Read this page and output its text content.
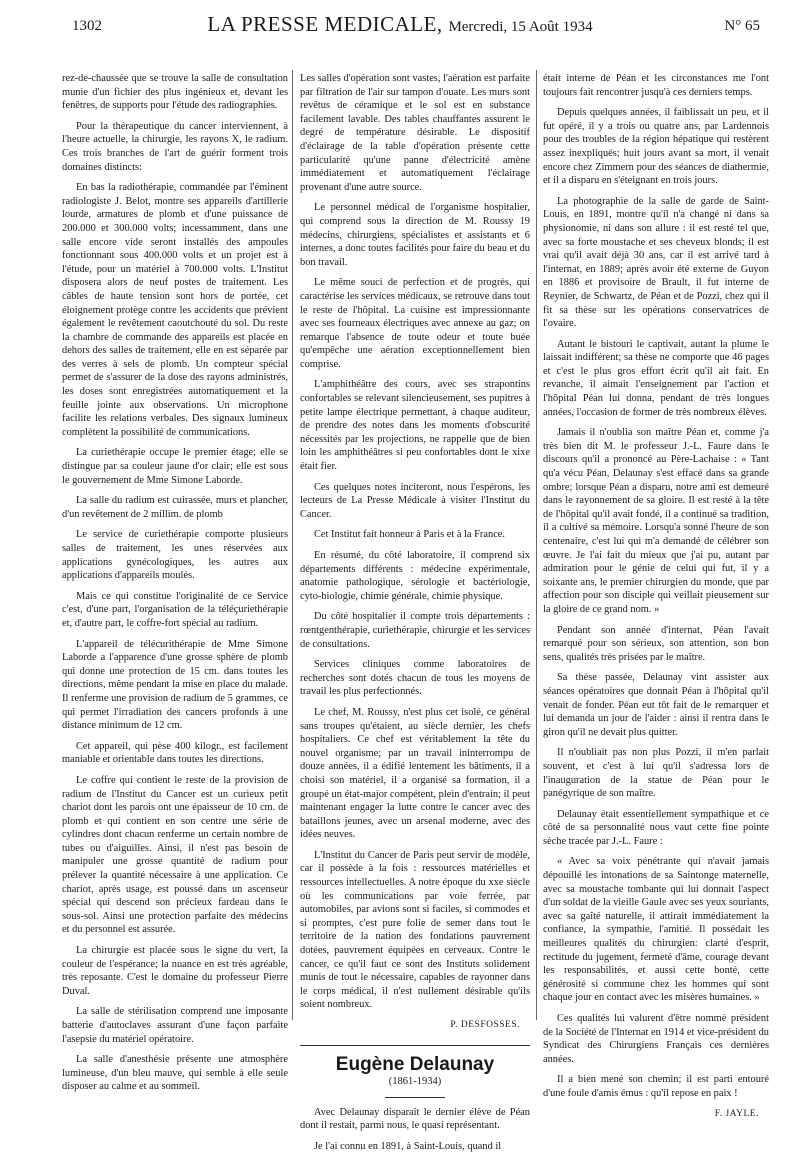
1302	LA PRESSE MEDICALE, Mercredi, 15 Août 1934	N° 65

rez-de-chaussée que se trouve la salle de consultation munie d'un fichier des plus ingénieux et, devant les fenêtres, de supports pour l'étude des radiographies.

Pour la thérapeutique du cancer interviennent, à l'heure actuelle, la chirurgie, les rayons X, le radium. Ces trois branches de l'art de guérir forment trois domaines distincts:

En bas la radiothérapie, commandée par l'éminent radiologiste J. Belot, montre ses appareils d'artillerie lourde, armatures de plomb et d'une puissance de 200.000 et 300.000 volts; incessamment, dans une salle encore vide seront installés des ampoules fonctionnant sous 400.000 volts et un projet est à l'étude, pour un matériel à 700.000 volts. L'Institut disposera alors de neuf postes de traitement. Les câbles de haute tension sont hors de portée, cet éloignement protège contre les accidents que prévient également le revêtement caoutchouté du sol. Du reste la chambre de commande des appareils est placée en dehors des salles de traitement, elle en est séparée par des verres à sels de plomb. Un compteur spécial permet de s'assurer de la dose des rayons administrés, les doses sont enregistrées automatiquement et la feuille jointe aux observations. Un microphone facilite les relations verbales. Des signaux lumineux complètent la possibilité de communications.

La curiethérapie occupe le premier étage; elle se distingue par sa couleur jaune d'or clair; elle est sous le gouvernement de Mme Simone Laborde.

La salle du radium est cuirassée, murs et plancher, d'un revêtement de 2 millim. de plomb

Le service de curiethérapie comporte plusieurs salles de traitement, les unes réservées aux applications gynécologiques, les autres aux applications d'appareils moulés.

Mais ce qui constitue l'originalité de ce Service c'est, d'une part, l'organisation de la téléçuriethérapie et, d'autre part, le coffre-fort spécial au radium.

L'appareil de télécurithérapie de Mme Simone Laborde a l'apparence d'une grosse sphère de plomb qui donne une protection de 15 cm. dans toutes les directions, même pendant la mise en place du malade. Il renferme une provision de radium de 5 grammes, ce qui permet l'irradiation des cancers profonds à une distance minimum de 12 cm.

Cet appareil, qui pèse 400 kilogr., est facilement maniable et orientable dans toutes les directions.

Le coffre qui contient le reste de la provision de radium de l'Institut du Cancer est un curieux petit chariot dont les parois ont une épaisseur de 10 cm. de plomb et qui contient en son centre une série de cylindres dont chacun renferme un certain nombre de tubes ou d'aiguilles. Ainsi, il n'est pas besoin de manipuler une grosse quantité de radium pour prélever la quantité nécessaire à une application. Ce chariot, après usage, est poussé dans un ascenseur spécial qui descend son précieux fardeau dans le sous-sol. Ainsi une protection parfaite des médecins et du personnel est assurée.

La chirurgie est placée sous le signe du vert, la couleur de l'espérance; la nuance en est très agréable, très reposante. C'est le domaine du professeur Pierre Duval.

La salle de stérilisation comprend une imposante batterie d'autoclaves assurant d'une façon parfaite l'asepsie du matériel opératoire.

La salle d'anesthésie présente une atmosphère lumineuse, d'un bleu mauve, qui semble à elle seule disposer au calme et au sommeil.

Les salles d'opération sont vastes, l'aération est parfaite par filtration de l'air sur tampon d'ouate. Les murs sont revêtus de céramique et le sol est en substance facilement lavable. Des tables chauffantes assurent le degré de température désirable. Le dispositif d'éclairage de la table d'opération présente cette particularité qu'une panne d'électricité amène immédiatement et automatiquement l'éclairage provenant d'une autre source.

Le personnel médical de l'organisme hospitalier, qui comprend sous la direction de M. Roussy 19 médecins, chirurgiens, spécialistes et assistants et 6 internes, a donc toutes facilités pour faire du beau et du bon travail.

Le même souci de perfection et de progrès, qui caractérise les services médicaux, se retrouve dans tout le reste de l'hôpital. La cuisine est impressionnante avec ses fourneaux électriques avec annexe au gaz; on remarque l'absence de toute odeur et toute buée qu'empêche une aération exceptionnellement bien comprise.

L'amphithéâtre des cours, avec ses strapontins confortables se relevant silencieusement, ses pupitres à petite lampe électrique permettant, à chaque auditeur, de prendre des notes dans les moments d'obscurité nécessités par les projections, ne rappelle que de bien loin les amphithéâtres si peu confortables dont le xixe était fier.

Ces quelques notes inciteront, nous l'espérons, les lecteurs de La Presse Médicale à visiter l'Institut du Cancer.

Cet Institut fait honneur à Paris et à la France.

En résumé, du côté laboratoire, il comprend six départements différents : médecine expérimentale, anatomie pathologique, sérologie et bactériologie, cyto-biologie, chimie générale, chimie physique.

Du côté hospitalier il compte trois départements : rœntgenthérapie, curiethérapie, chirurgie et les services de consultations.

Services cliniques comme laboratoires de recherches sont dotés chacun de tous les moyens de travail les plus perfectionnés.

Le chef, M. Roussy, n'est plus cet isolé, ce général sans troupes qu'étaient, au siècle dernier, les chefs hospitaliers. Ce chef est véritablement la tête du nouvel organisme; par un travail ininterrompu de douze années, il a édifié lentement les bâtiments, il a choisi son matériel, il a organisé sa formation, il a groupé un état-major compétent, plein d'entrain; il peut maintenant engager la lutte contre le cancer avec des bataillons jeunes, avec un arsenal moderne, avec des idées neuves.

L'Institut du Cancer de Paris peut servir de modèle, car il possède à la fois : ressources matérielles et ressources intellectuelles. A notre époque du xxe siècle où les communications par voie ferrée, par automobiles, par avions sont si faciles, si commodes et si promptes, c'est pure folie de semer dans tout le territoire de la nation des fondations pauvrement dotées, pauvrement équipées en cerveaux. Contre le cancer, ce qu'il faut ce sont des Instituts solidement munis de tout le nécessaire, capables de rayonner dans le corps médical, il n'est nullement désirable qu'ils soient nombreux.

P. DESFOSSES.
Eugène Delaunay
(1861-1934)

Avec Delaunay disparaît le dernier élève de Péan dont il restait, parmi nous, le quasi représentant.

Je l'ai connu en 1891, à Saint-Louis, quand il

était interne de Péan et les circonstances me l'ont toujours fait rencontrer jusqu'à ces derniers temps.

Depuis quelques années, il faiblissait un peu, et il fut opéré, il y a trois ou quatre ans, par Lardennois pour des troubles de la région hépatique qui restèrent assez inexpliqués; huit jours avant sa mort, il venait encore chez Zimmern pour des séances de diathermie, et il a disparu en s'éteignant en trois jours.

La photographie de la salle de garde de Saint-Louis, en 1891, montre qu'il n'a changé ni dans sa physionomie, ni dans son allure : il est resté tel que, avec sa forte moustache et ses cheveux blonds; il est vrai qu'il avait déjà 30 ans, car il est arrivé tard à l'internat, en 1889; après avoir été externe de Guyon en 1886 et provisoire de Brault, il fut interne de Reynier, de Schwartz, de Péan et de Pozzi, chez qui il fit sa thèse sur les opérations conservatrices de l'ovaire.

Autant le bistouri le captivait, autant la plume le laissait indifférent; sa thèse ne comporte que 46 pages et c'est le plus gros effort écrit qu'il ait fait. En revanche, il aimait l'enseignement par l'action et l'hôpital Péan lui donna, pendant de très longues années, l'occasion de former de très nombreux élèves.

Jamais il n'oublia son maître Péan et, comme j'a très bien dit M. le professeur J.-L. Faure dans le discours qu'il a prononcé au Père-Lachaise : « Tant qu'a vécu Péan, Delaunay s'est effacé dans sa grande ombre; lorsque Péan a disparu, notre ami est demeuré dans le rayonnement de sa gloire. Il est resté à la tête de l'hôpital qu'il avait fondé, il a continué sa tradition, il a cultivé sa mémoire. Lorsqu'a sonné l'heure de son centenaire, c'est lui qui m'a demandé de célébrer son œuvre. Je l'ai fait du mieux que j'ai pu, autant par admiration pour le génie de celui qui fut, il y a soixante ans, le premier chirurgien du monde, que par affection pour son disciple qui veillait pieusement sur la gloire de ce grand nom. »

Pendant son année d'internat, Péan l'avait remarqué pour son sérieux, son attention, son bon sens, qualités très prisées par le maître.

Sa thèse passée, Delaunay vint assister aux séances opératoires que donnait Péan à l'hôpital qu'il venait de fonder. Péan eut tôt fait de le remarquer et lui demanda un jour de l'aider : ainsi il rentra dans le giron qu'il ne devait plus quitter.

Il n'oubliait pas non plus Pozzi, il m'en parlait souvent, et c'est à lui qu'il s'adressa lors de l'inauguration de la statue de Péan pour le panégyrique de son maître.

Delaunay était essentiellement sympathique et ce côté de sa personnalité nous vaut cette fine pointe sèche tracée par J.-L. Faure :

« Avec sa voix pénétrante qui n'avait jamais dépouillé les intonations de sa Saintonge maternelle, avec sa moustache tombante qui lui donnait l'aspect d'un soldat de la vieille Gaule avec ses yeux souriants, avec sa gaîté naturelle, il attirait immédiatement la confiance, la sympathie, l'amitié. Il possédait les meilleures qualités du chirurgien: clarté d'esprit, rectitude du jugement, fermeté d'âme, courage devant les responsabilités, et aussi cette bonté, cette générosité si commune chez les hommes qui sont chaque jour en contact avec les misères humaines. »

Ces qualités lui valurent d'être nommé président de la Société de l'Internat en 1914 et vice-président du Syndicat des Chirurgiens Français ces dernières années.

Il a bien mené son chemin; il est parti entouré d'une foule d'amis émus : qu'il repose en paix !

F. JAYLE.
